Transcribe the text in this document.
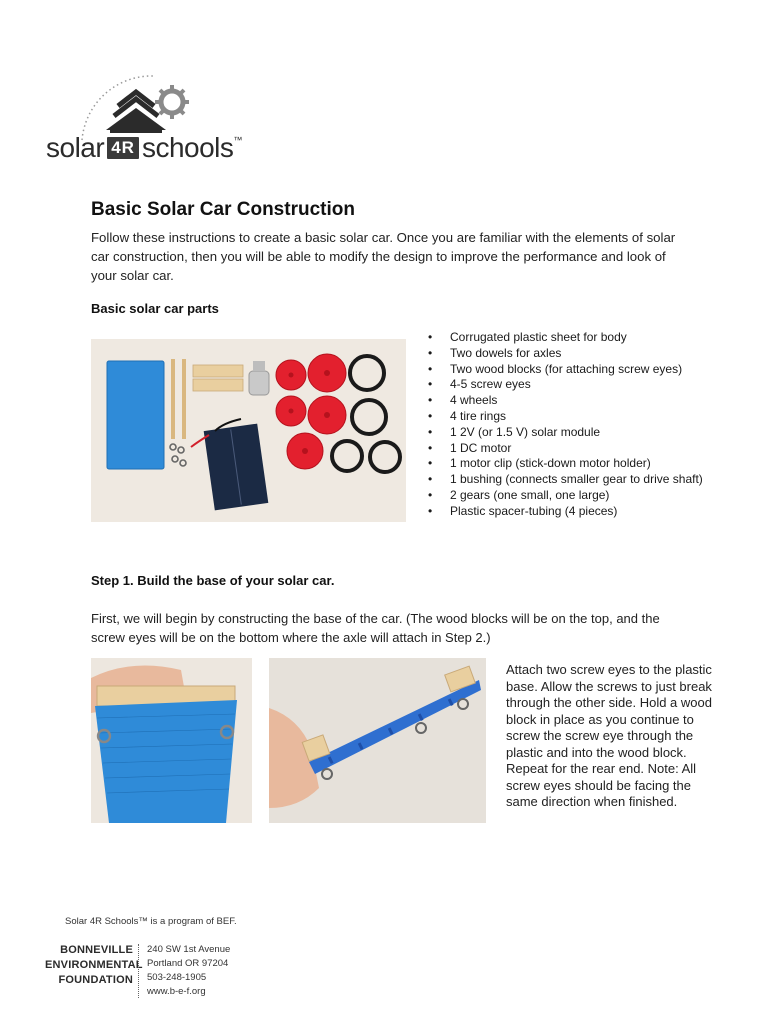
solar 4R schools™
Basic Solar Car Construction
Follow these instructions to create a basic solar car. Once you are familiar with the elements of solar car construction, then you will be able to modify the design to improve the performance and look of your solar car.
Basic solar car parts
• Corrugated plastic sheet for body
• Two dowels for axles
• Two wood blocks (for attaching screw eyes)
• 4-5 screw eyes
• 4 wheels
• 4 tire rings
• 1 2V (or 1.5 V) solar module
• 1 DC motor
• 1 motor clip (stick-down motor holder)
• 1 bushing (connects smaller gear to drive shaft)
• 2 gears (one small, one large)
• Plastic spacer-tubing (4 pieces)
Step 1. Build the base of your solar car.
First, we will begin by constructing the base of the car. (The wood blocks will be on the top, and the screw eyes will be on the bottom where the axle will attach in Step 2.)
Attach two screw eyes to the plastic base. Allow the screws to just break through the other side. Hold a wood block in place as you continue to screw the screw eye through the plastic and into the wood block. Repeat for the rear end. Note: All screw eyes should be facing the same direction when finished.
Solar 4R Schools™ is a program of BEF.
BONNEVILLE
ENVIRONMENTAL
FOUNDATION
240 SW 1st Avenue
Portland OR 97204
503-248-1905
www.b-e-f.org
